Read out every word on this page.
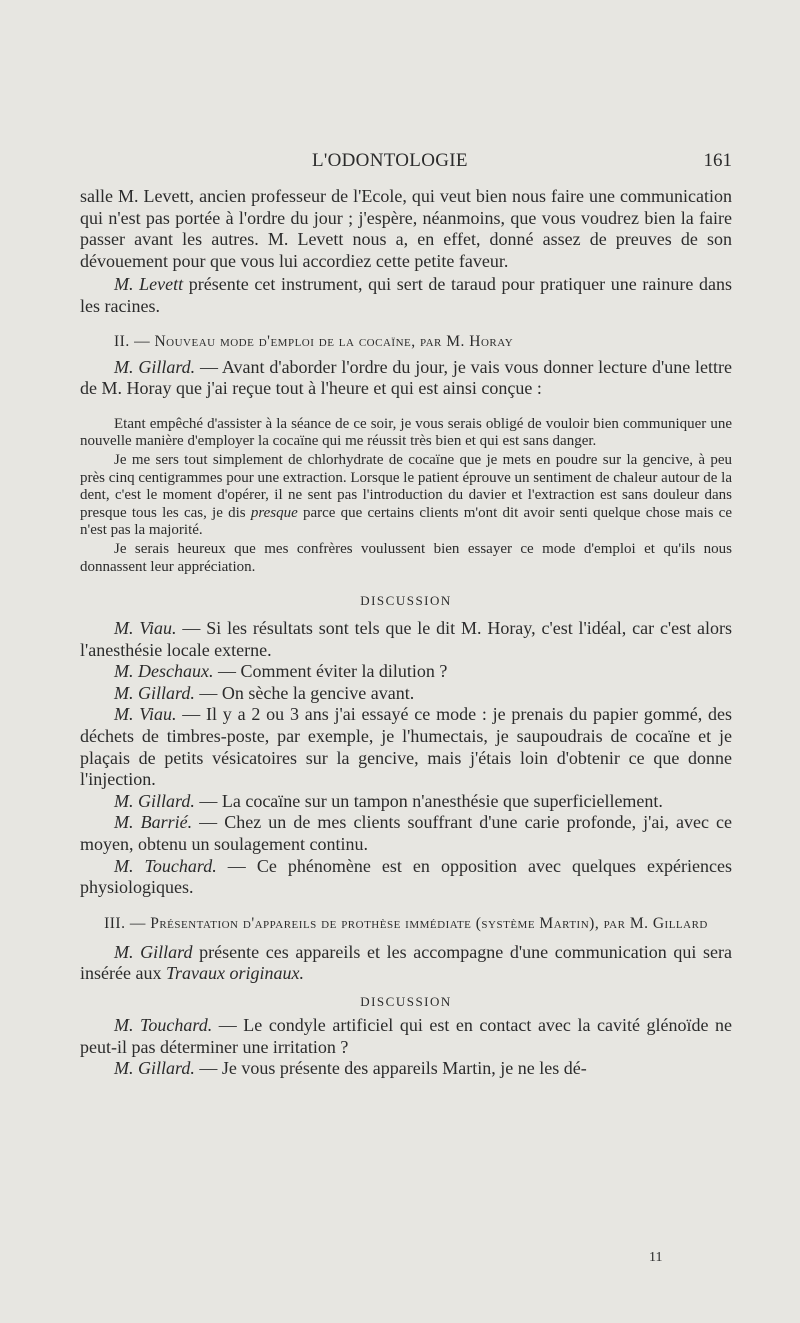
L'ODONTOLOGIE	161

salle M. Levett, ancien professeur de l'Ecole, qui veut bien nous faire une communication qui n'est pas portée à l'ordre du jour ; j'espère, néanmoins, que vous voudrez bien la faire passer avant les autres. M. Levett nous a, en effet, donné assez de preuves de son dévouement pour que vous lui accordiez cette petite faveur.

M. Levett présente cet instrument, qui sert de taraud pour pratiquer une rainure dans les racines.

II. — Nouveau mode d'emploi de la cocaïne, par M. Horay

M. Gillard. — Avant d'aborder l'ordre du jour, je vais vous donner lecture d'une lettre de M. Horay que j'ai reçue tout à l'heure et qui est ainsi conçue :

Etant empêché d'assister à la séance de ce soir, je vous serais obligé de vouloir bien communiquer une nouvelle manière d'employer la cocaïne qui me réussit très bien et qui est sans danger.

Je me sers tout simplement de chlorhydrate de cocaïne que je mets en poudre sur la gencive, à peu près cinq centigrammes pour une extraction. Lorsque le patient éprouve un sentiment de chaleur autour de la dent, c'est le moment d'opérer, il ne sent pas l'introduction du davier et l'extraction est sans douleur dans presque tous les cas, je dis presque parce que certains clients m'ont dit avoir senti quelque chose mais ce n'est pas la majorité.

Je serais heureux que mes confrères voulussent bien essayer ce mode d'emploi et qu'ils nous donnassent leur appréciation.

DISCUSSION

M. Viau. — Si les résultats sont tels que le dit M. Horay, c'est l'idéal, car c'est alors l'anesthésie locale externe.

M. Deschaux. — Comment éviter la dilution ?

M. Gillard. — On sèche la gencive avant.

M. Viau. — Il y a 2 ou 3 ans j'ai essayé ce mode : je prenais du papier gommé, des déchets de timbres-poste, par exemple, je l'humectais, je saupoudrais de cocaïne et je plaçais de petits vésicatoires sur la gencive, mais j'étais loin d'obtenir ce que donne l'injection.

M. Gillard. — La cocaïne sur un tampon n'anesthésie que superficiellement.

M. Barrié. — Chez un de mes clients souffrant d'une carie profonde, j'ai, avec ce moyen, obtenu un soulagement continu.

M. Touchard. — Ce phénomène est en opposition avec quelques expériences physiologiques.

III. — Présentation d'appareils de prothèse immédiate (système Martin), par M. Gillard

M. Gillard présente ces appareils et les accompagne d'une communication qui sera insérée aux Travaux originaux.

DISCUSSION

M. Touchard. — Le condyle artificiel qui est en contact avec la cavité glénoïde ne peut-il pas déterminer une irritation ?

M. Gillard. — Je vous présente des appareils Martin, je ne les dé-

11
